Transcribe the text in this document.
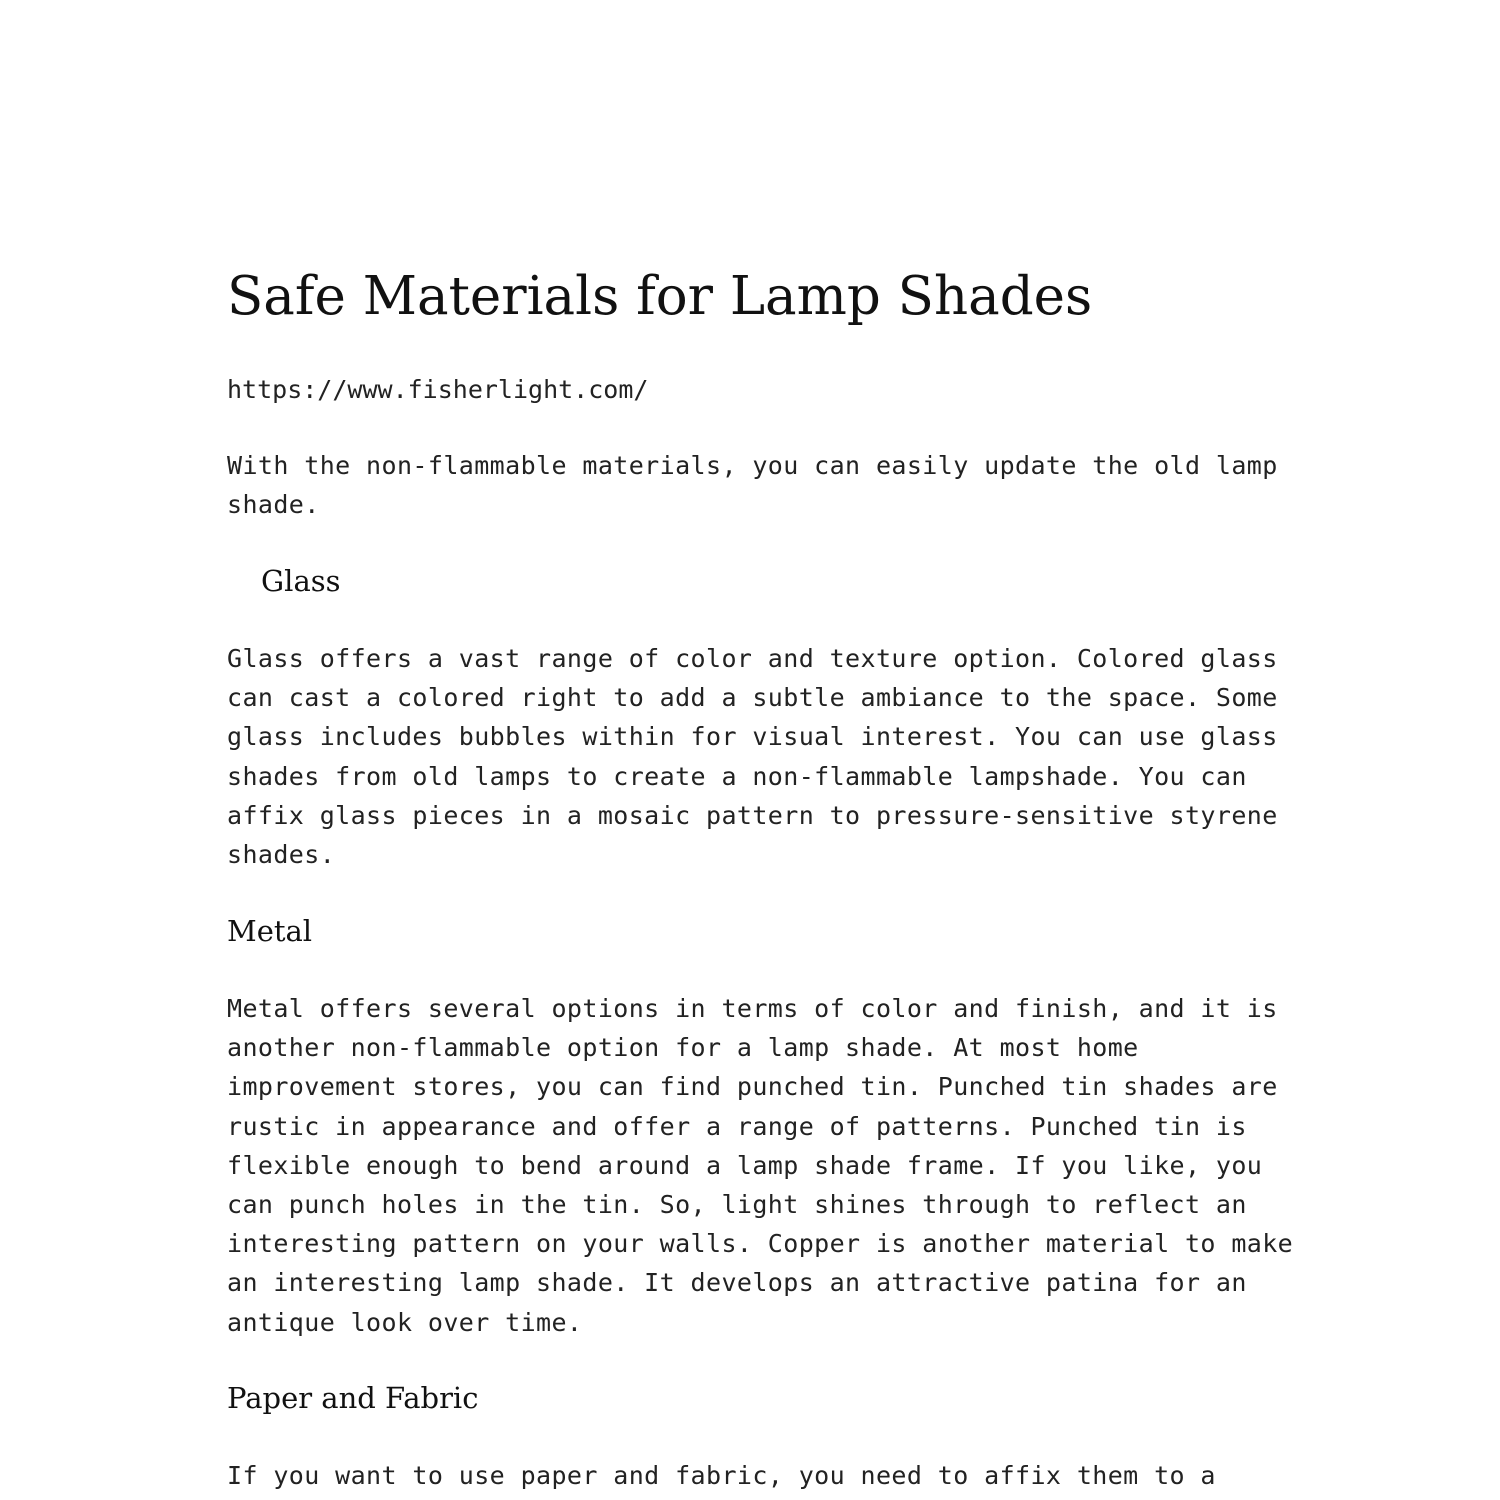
Safe Materials for Lamp Shades
https://www.fisherlight.com/

With the non-flammable materials, you can easily update the old lamp
shade.

Glass

Glass offers a vast range of color and texture option. Colored glass
can cast a colored right to add a subtle ambiance to the space. Some
glass includes bubbles within for visual interest. You can use glass
shades from old lamps to create a non-flammable lampshade. You can
affix glass pieces in a mosaic pattern to pressure-sensitive styrene
shades.

Metal

Metal offers several options in terms of color and finish, and it is
another non-flammable option for a lamp shade. At most home
improvement stores, you can find punched tin. Punched tin shades are
rustic in appearance and offer a range of patterns. Punched tin is
flexible enough to bend around a lamp shade frame. If you like, you
can punch holes in the tin. So, light shines through to reflect an
interesting pattern on your walls. Copper is another material to make
an interesting lamp shade. It develops an attractive patina for an
antique look over time.

Paper and Fabric

If you want to use paper and fabric, you need to affix them to a
